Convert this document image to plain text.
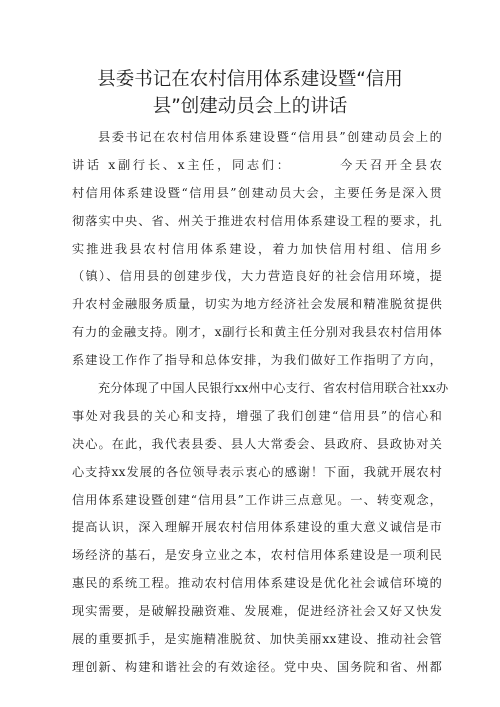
县委书记在农村信用体系建设暨“信用
县”创建动员会上的讲话
县委书记在农村信用体系建设暨“信用县”创建动员会上的
讲话 x副行长、x主任，同志们：	今天召开全县农
村信用体系建设暨“信用县”创建动员大会，主要任务是深入贯
彻落实中央、省、州关于推进农村信用体系建设工程的要求，扎
实推进我县农村信用体系建设，着力加快信用村组、信用乡
（镇）、信用县的创建步伐，大力营造良好的社会信用环境，提
升农村金融服务质量，切实为地方经济社会发展和精准脱贫提供
有力的金融支持。刚才，x副行长和黄主任分别对我县农村信用体
系建设工作作了指导和总体安排，为我们做好工作指明了方向，
充分体现了中国人民银行xx州中心支行、省农村信用联合社xx办
事处对我县的关心和支持，增强了我们创建“信用县”的信心和
决心。在此，我代表县委、县人大常委会、县政府、县政协对关
心支持xx发展的各位领导表示衷心的感谢！下面，我就开展农村
信用体系建设暨创建“信用县”工作讲三点意见。一、转变观念，
提高认识，深入理解开展农村信用体系建设的重大意义诚信是市
场经济的基石，是安身立业之本，农村信用体系建设是一项利民
惠民的系统工程。推动农村信用体系建设是优化社会诚信环境的
现实需要，是破解投融资难、发展难，促进经济社会又好又快发
展的重要抓手，是实施精准脱贫、加快美丽xx建设、推动社会管
理创新、构建和谐社会的有效途径。党中央、国务院和省、州都
